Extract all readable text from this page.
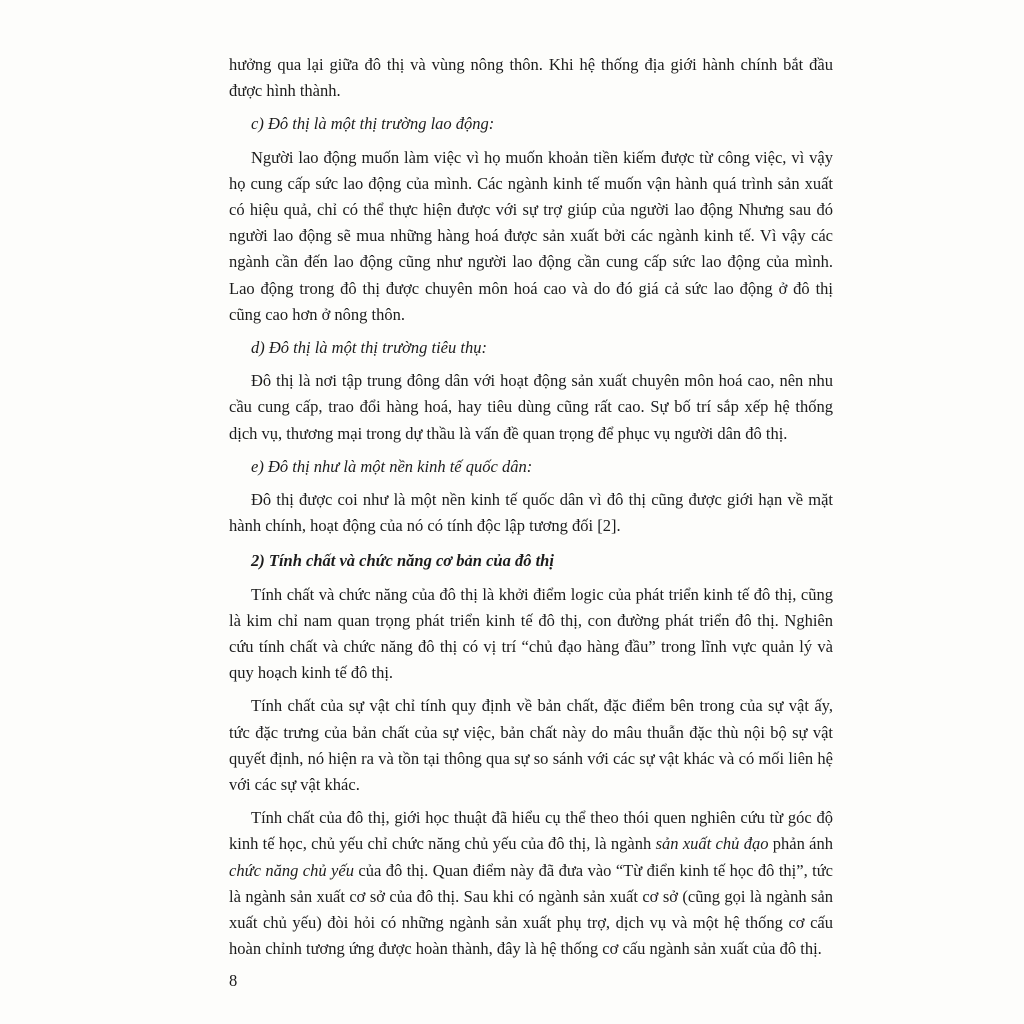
hưởng qua lại giữa đô thị và vùng nông thôn. Khi hệ thống địa giới hành chính bắt đầu được hình thành.

c) Đô thị là một thị trường lao động:

Người lao động muốn làm việc vì họ muốn khoản tiền kiếm được từ công việc, vì vậy họ cung cấp sức lao động của mình. Các ngành kinh tế muốn vận hành quá trình sản xuất có hiệu quả, chỉ có thể thực hiện được với sự trợ giúp của người lao động Nhưng sau đó người lao động sẽ mua những hàng hoá được sản xuất bởi các ngành kinh tế. Vì vậy các ngành cần đến lao động cũng như người lao động cần cung cấp sức lao động của mình. Lao động trong đô thị được chuyên môn hoá cao và do đó giá cả sức lao động ở đô thị cũng cao hơn ở nông thôn.

d) Đô thị là một thị trường tiêu thụ:

Đô thị là nơi tập trung đông dân với hoạt động sản xuất chuyên môn hoá cao, nên nhu cầu cung cấp, trao đổi hàng hoá, hay tiêu dùng cũng rất cao. Sự bố trí sắp xếp hệ thống dịch vụ, thương mại trong dự thầu là vấn đề quan trọng để phục vụ người dân đô thị.

e) Đô thị như là một nền kinh tế quốc dân:

Đô thị được coi như là một nền kinh tế quốc dân vì đô thị cũng được giới hạn về mặt hành chính, hoạt động của nó có tính độc lập tương đối [2].

2) Tính chất và chức năng cơ bản của đô thị

Tính chất và chức năng của đô thị là khởi điểm logic của phát triển kinh tế đô thị, cũng là kim chỉ nam quan trọng phát triển kinh tế đô thị, con đường phát triển đô thị. Nghiên cứu tính chất và chức năng đô thị có vị trí “chủ đạo hàng đầu” trong lĩnh vực quản lý và quy hoạch kinh tế đô thị.

Tính chất của sự vật chỉ tính quy định về bản chất, đặc điểm bên trong của sự vật ấy, tức đặc trưng của bản chất của sự việc, bản chất này do mâu thuẫn đặc thù nội bộ sự vật quyết định, nó hiện ra và tồn tại thông qua sự so sánh với các sự vật khác và có mối liên hệ với các sự vật khác.

Tính chất của đô thị, giới học thuật đã hiểu cụ thể theo thói quen nghiên cứu từ góc độ kinh tế học, chủ yếu chỉ chức năng chủ yếu của đô thị, là ngành sản xuất chủ đạo phản ánh chức năng chủ yếu của đô thị. Quan điểm này đã đưa vào “Từ điển kinh tế học đô thị”, tức là ngành sản xuất cơ sở của đô thị. Sau khi có ngành sản xuất cơ sở (cũng gọi là ngành sản xuất chủ yếu) đòi hỏi có những ngành sản xuất phụ trợ, dịch vụ và một hệ thống cơ cấu hoàn chỉnh tương ứng được hoàn thành, đây là hệ thống cơ cấu ngành sản xuất của đô thị.

8
